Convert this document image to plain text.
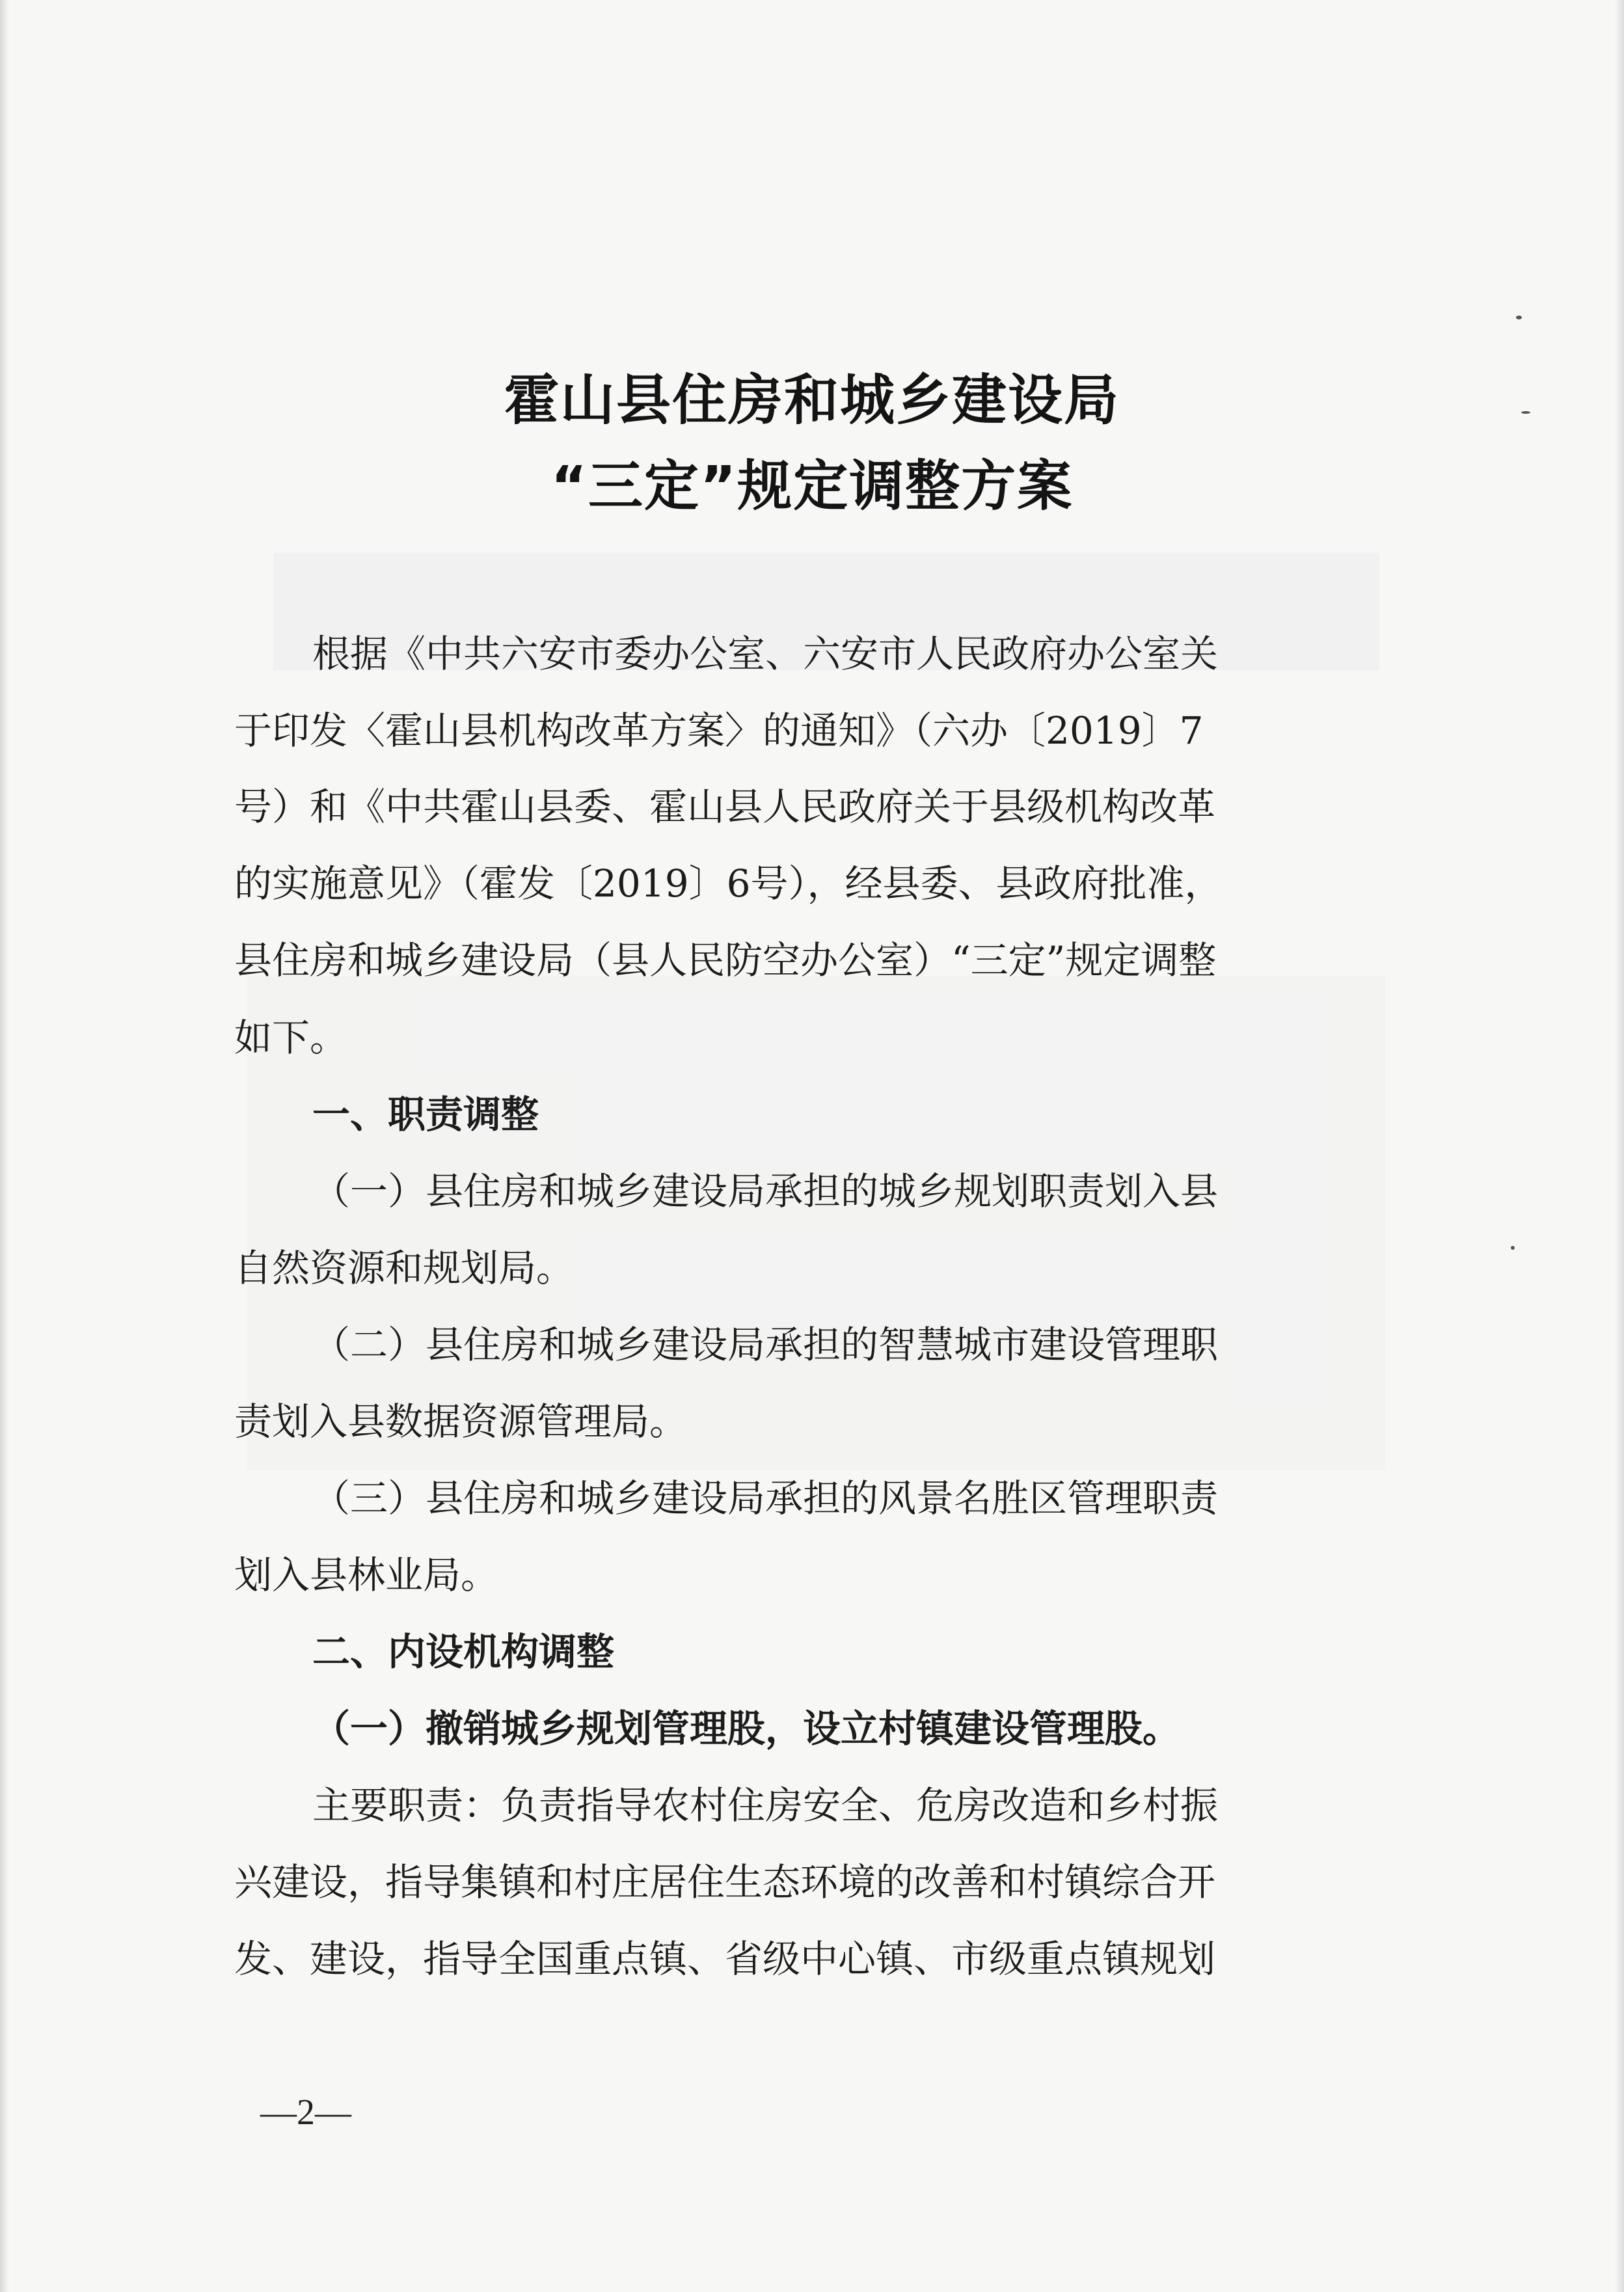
霍山县住房和城乡建设局
“三定”规定调整方案
根据《中共六安市委办公室、六安市人民政府办公室关
于印发〈霍山县机构改革方案〉的通知》（六办〔2019〕7
号）和《中共霍山县委、霍山县人民政府关于县级机构改革
的实施意见》（霍发〔2019〕6号），经县委、县政府批准，
县住房和城乡建设局（县人民防空办公室）“三定”规定调整
如下。
一、职责调整
（一）县住房和城乡建设局承担的城乡规划职责划入县
自然资源和规划局。
（二）县住房和城乡建设局承担的智慧城市建设管理职
责划入县数据资源管理局。
（三）县住房和城乡建设局承担的风景名胜区管理职责
划入县林业局。
二、内设机构调整
（一）撤销城乡规划管理股，设立村镇建设管理股。
主要职责：负责指导农村住房安全、危房改造和乡村振
兴建设，指导集镇和村庄居住生态环境的改善和村镇综合开
发、建设，指导全国重点镇、省级中心镇、市级重点镇规划
—2—
